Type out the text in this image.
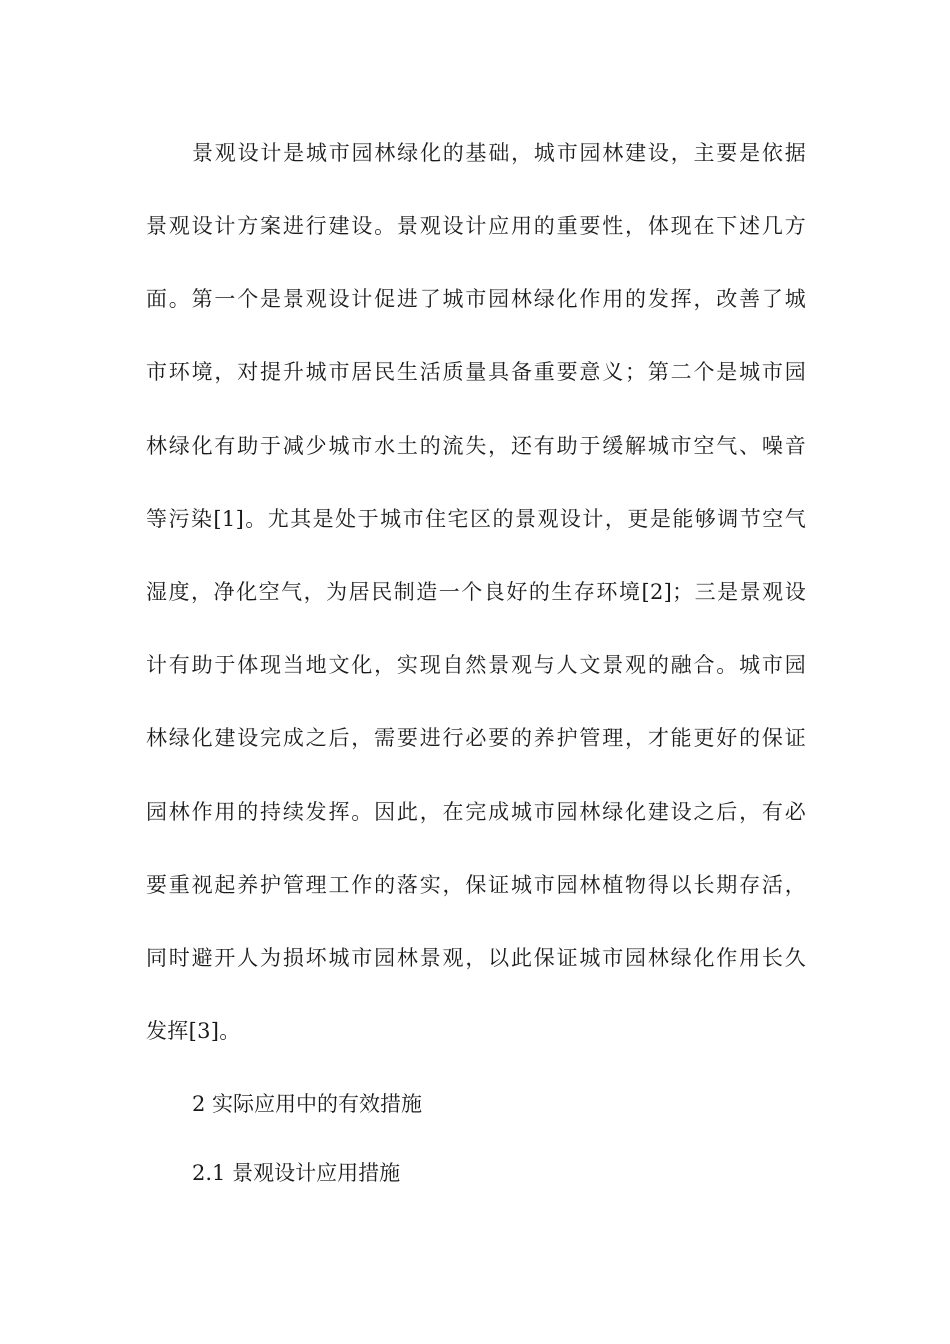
景观设计是城市园林绿化的基础，城市园林建设，主要是依据
景观设计方案进行建设。景观设计应用的重要性，体现在下述几方
面。第一个是景观设计促进了城市园林绿化作用的发挥，改善了城
市环境，对提升城市居民生活质量具备重要意义；第二个是城市园
林绿化有助于减少城市水土的流失，还有助于缓解城市空气、噪音
等污染[1]。尤其是处于城市住宅区的景观设计，更是能够调节空气
湿度，净化空气，为居民制造一个良好的生存环境[2]；三是景观设
计有助于体现当地文化，实现自然景观与人文景观的融合。城市园
林绿化建设完成之后，需要进行必要的养护管理，才能更好的保证
园林作用的持续发挥。因此，在完成城市园林绿化建设之后，有必
要重视起养护管理工作的落实，保证城市园林植物得以长期存活，
同时避开人为损坏城市园林景观，以此保证城市园林绿化作用长久
发挥[3]。
2 实际应用中的有效措施
2.1 景观设计应用措施
